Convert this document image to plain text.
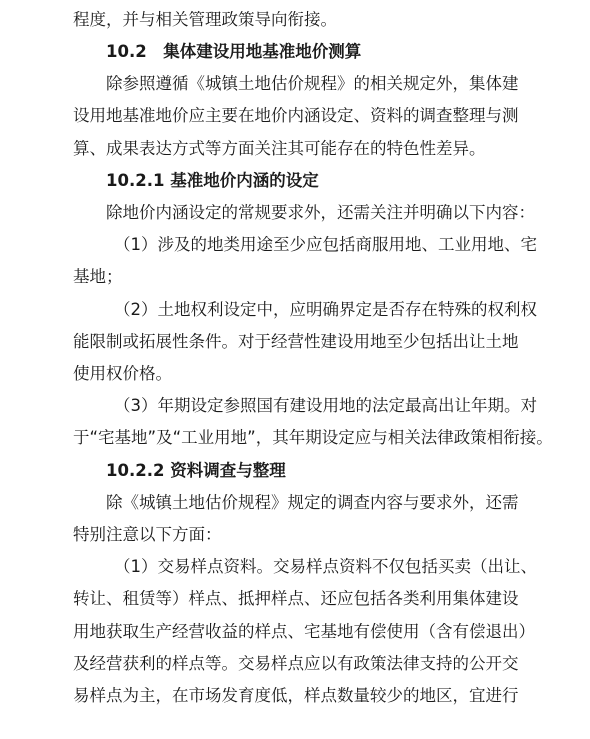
程度，并与相关管理政策导向衔接。
10.2　集体建设用地基准地价测算
除参照遵循《城镇土地估价规程》的相关规定外，集体建
设用地基准地价应主要在地价内涵设定、资料的调查整理与测
算、成果表达方式等方面关注其可能存在的特色性差异。
10.2.1 基准地价内涵的设定
除地价内涵设定的常规要求外，还需关注并明确以下内容：
（1）涉及的地类用途至少应包括商服用地、工业用地、宅
基地；
（2）土地权利设定中，应明确界定是否存在特殊的权利权
能限制或拓展性条件。对于经营性建设用地至少包括出让土地
使用权价格。
（3）年期设定参照国有建设用地的法定最高出让年期。对
于“宅基地”及“工业用地”，其年期设定应与相关法律政策相衔接。
10.2.2 资料调查与整理
除《城镇土地估价规程》规定的调查内容与要求外，还需
特别注意以下方面：
（1）交易样点资料。交易样点资料不仅包括买卖（出让、
转让、租赁等）样点、抵押样点、还应包括各类利用集体建设
用地获取生产经营收益的样点、宅基地有偿使用（含有偿退出）
及经营获利的样点等。交易样点应以有政策法律支持的公开交
易样点为主，在市场发育度低，样点数量较少的地区，宜进行
